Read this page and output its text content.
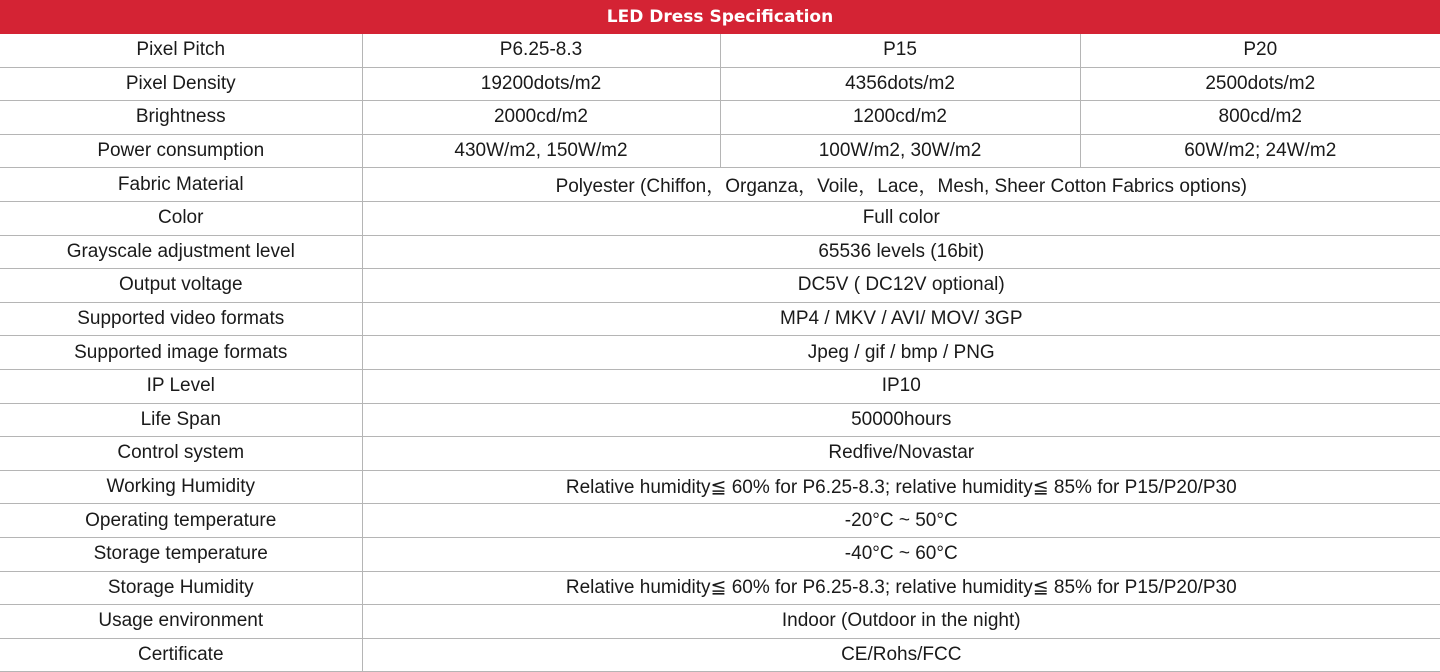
LED Dress Specification
Pixel Pitch	P6.25-8.3	P15	P20
Pixel Density	19200dots/m2	4356dots/m2	2500dots/m2
Brightness	2000cd/m2	1200cd/m2	800cd/m2
Power consumption	430W/m2, 150W/m2	100W/m2, 30W/m2	60W/m2; 24W/m2
Fabric Material	Polyester (Chiffon，Organza，Voile，Lace，Mesh, Sheer Cotton Fabrics options)		
Color	Full color		
Grayscale adjustment level	65536 levels (16bit)		
Output voltage	DC5V ( DC12V optional)		
Supported video formats	MP4 / MKV / AVI/ MOV/ 3GP		
Supported image formats	Jpeg / gif / bmp / PNG		
IP Level	IP10		
Life Span	50000hours		
Control system	Redfive/Novastar		
Working Humidity	Relative humidity≦ 60% for P6.25-8.3; relative humidity≦ 85% for P15/P20/P30		
Operating temperature	-20°C ~ 50°C		
Storage temperature	-40°C ~ 60°C		
Storage Humidity	Relative humidity≦ 60% for P6.25-8.3; relative humidity≦ 85% for P15/P20/P30		
Usage environment	Indoor (Outdoor in the night)		
Certificate	CE/Rohs/FCC		
